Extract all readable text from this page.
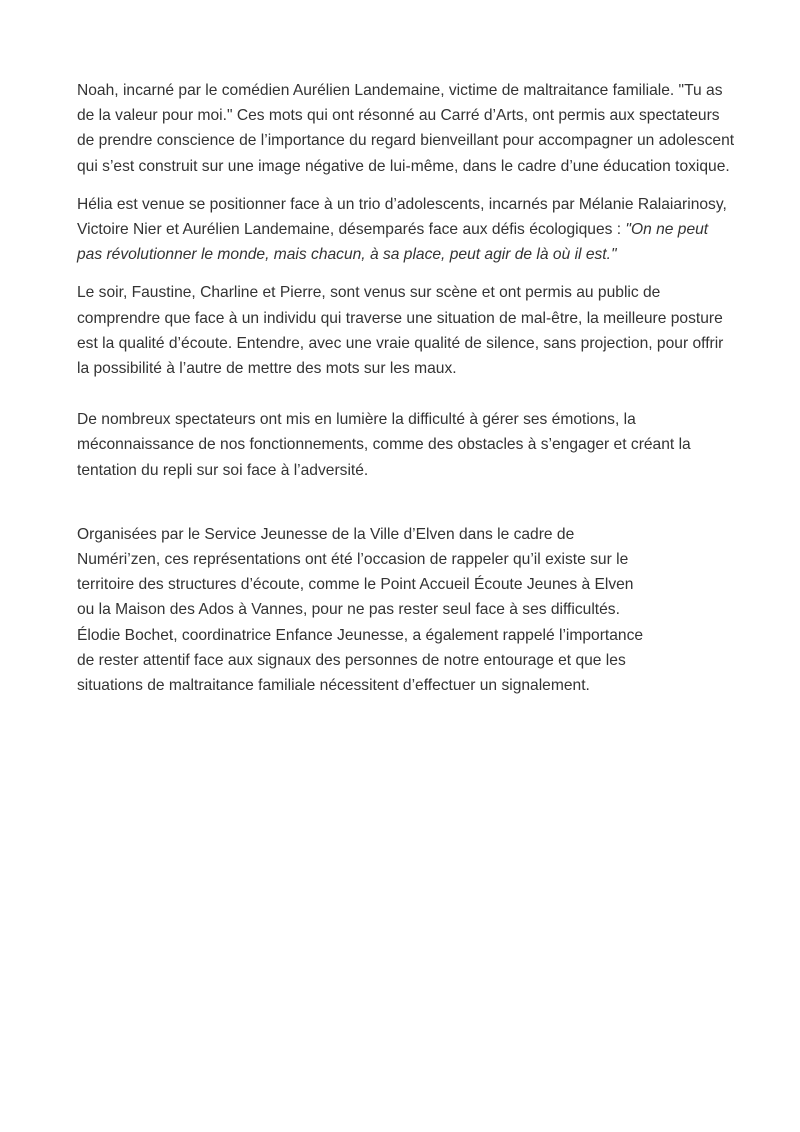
Noah, incarné par le comédien Aurélien Landemaine, victime de maltraitance familiale. "Tu as de la valeur pour moi." Ces mots qui ont résonné au Carré d’Arts, ont permis aux spectateurs de prendre conscience de l’importance du regard bienveillant pour accompagner un adolescent qui s’est construit sur une image négative de lui-même, dans le cadre d’une éducation toxique.

Hélia est venue se positionner face à un trio d’adolescents, incarnés par Mélanie Ralaiarinosy, Victoire Nier et Aurélien Landemaine, désemparés face aux défis écologiques : "On ne peut pas révolutionner le monde, mais chacun, à sa place, peut agir de là où il est."

Le soir, Faustine, Charline et Pierre, sont venus sur scène et ont permis au public de comprendre que face à un individu qui traverse une situation de mal-être, la meilleure posture est la qualité d’écoute. Entendre, avec une vraie qualité de silence, sans projection, pour offrir la possibilité à l’autre de mettre des mots sur les maux.

De nombreux spectateurs ont mis en lumière la difficulté à gérer ses émotions, la méconnaissance de nos fonctionnements, comme des obstacles à s’engager et créant la tentation du repli sur soi face à l’adversité.

Organisées par le Service Jeunesse de la Ville d’Elven dans le cadre de Numéri’zen, ces représentations ont été l’occasion de rappeler qu’il existe sur le territoire des structures d’écoute, comme le Point Accueil Écoute Jeunes à Elven ou la Maison des Ados à Vannes, pour ne pas rester seul face à ses difficultés. Élodie Bochet, coordinatrice Enfance Jeunesse, a également rappelé l’importance de rester attentif face aux signaux des personnes de notre entourage et que les situations de maltraitance familiale nécessitent d’effectuer un signalement.
